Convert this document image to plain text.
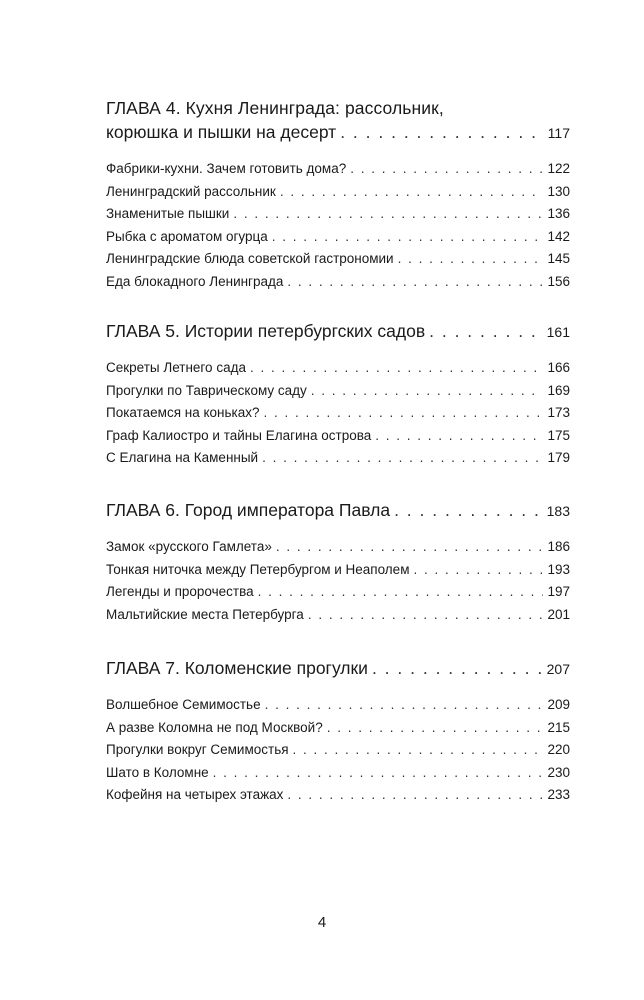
ГЛАВА 4. Кухня Ленинграда: рассольник,
корюшка и пышки на десерт . . .	117
Фабрики-кухни. Зачем готовить дома? . . .	122
Ленинградский рассольник . . .	130
Знаменитые пышки . . .	136
Рыбка с ароматом огурца . . .	142
Ленинградские блюда советской гастрономии . . .	145
Еда блокадного Ленинграда . . .	156
ГЛАВА 5. Истории петербургских садов . . .	161
Секреты Летнего сада . . .	166
Прогулки по Таврическому саду . . .	169
Покатаемся на коньках? . . .	173
Граф Калиостро и тайны Елагина острова . . .	175
С Елагина на Каменный . . .	179
ГЛАВА 6. Город императора Павла . . .	183
Замок «русского Гамлета» . . .	186
Тонкая ниточка между Петербургом и Неаполем . . .	193
Легенды и пророчества . . .	197
Мальтийские места Петербурга . . .	201
ГЛАВА 7. Коломенские прогулки . . .	207
Волшебное Семимостье . . .	209
А разве Коломна не под Москвой? . . .	215
Прогулки вокруг Семимостья . . .	220
Шато в Коломне . . .	230
Кофейня на четырех этажах . . .	233
4
